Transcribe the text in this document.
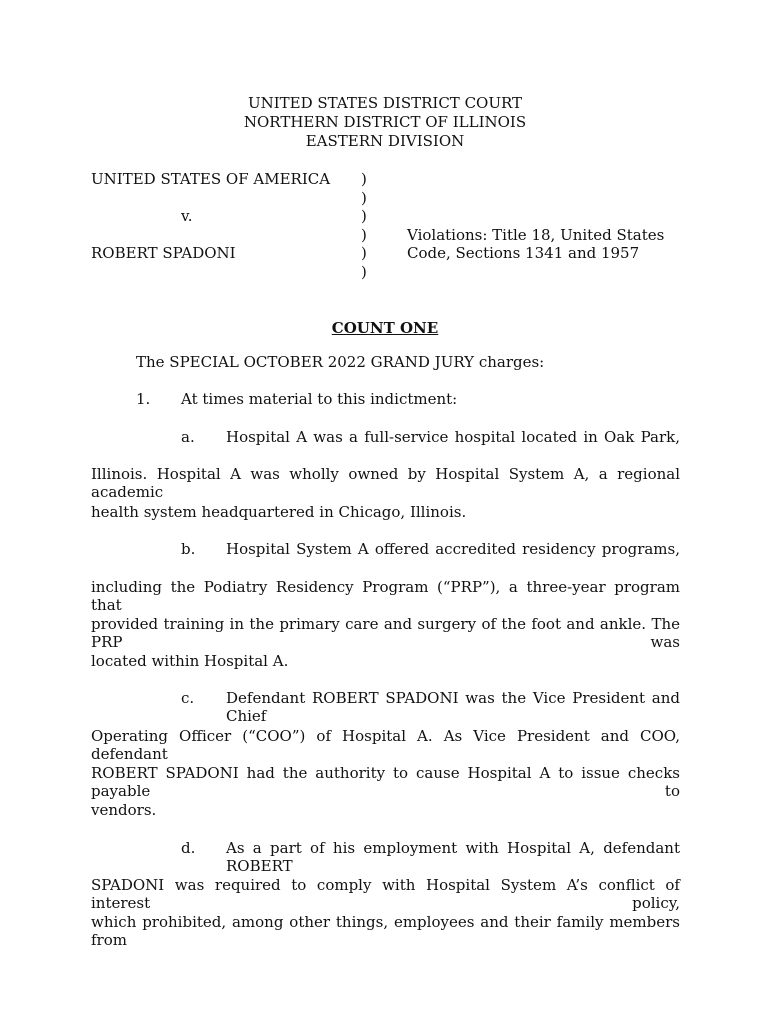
UNITED STATES DISTRICT COURT
NORTHERN DISTRICT OF ILLINOIS
EASTERN DIVISION
UNITED STATES OF AMERICA
v.
ROBERT SPADONI
)
)
)
)
)
)
Violations: Title 18, United States
Code, Sections 1341 and 1957
COUNT ONE
The SPECIAL OCTOBER 2022 GRAND JURY charges:
1. At times material to this indictment:
a. Hospital A was a full-service hospital located in Oak Park,
Illinois. Hospital A was wholly owned by Hospital System A, a regional academic
health system headquartered in Chicago, Illinois.
b. Hospital System A offered accredited residency programs,
including the Podiatry Residency Program (“PRP”), a three-year program that
provided training in the primary care and surgery of the foot and ankle. The PRP was
located within Hospital A.
c. Defendant ROBERT SPADONI was the Vice President and Chief
Operating Officer (“COO”) of Hospital A. As Vice President and COO, defendant
ROBERT SPADONI had the authority to cause Hospital A to issue checks payable to
vendors.
d. As a part of his employment with Hospital A, defendant ROBERT
SPADONI was required to comply with Hospital System A’s conflict of interest policy,
which prohibited, among other things, employees and their family members from
